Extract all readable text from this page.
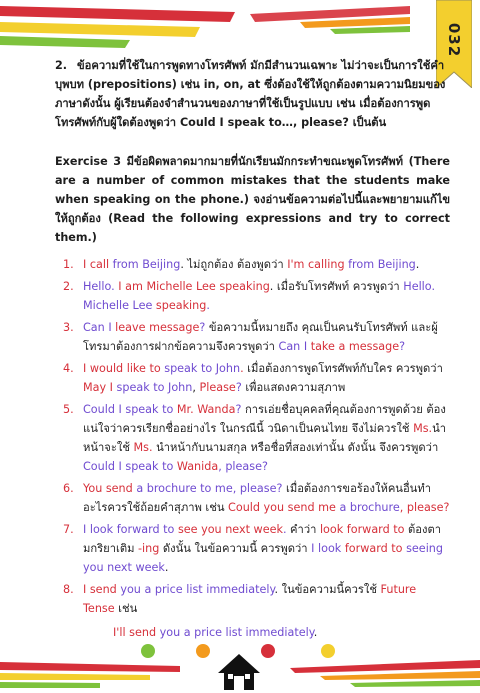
032
2. ข้อความที่ใช้ในการพูดทางโทรศัพท์ มักมีสำนวนเฉพาะ ไม่ว่าจะเป็นการใช้คำบุพบท (prepositions) เช่น in, on, at ซึ่งต้องใช้ให้ถูกต้องตามความนิยมของภาษาดังนั้น ผู้เรียนต้องจำสำนวนของภาษาที่ใช้เป็นรูปแบบ เช่น เมื่อต้องการพูดโทรศัพท์กับผู้ใดต้องพูดว่า Could I speak to…, please? เป็นต้น
Exercise 3 มีข้อผิดพลาดมากมายที่นักเรียนมักกระทำขณะพูดโทรศัพท์ (There are a number of common mistakes that the students make when speaking on the phone.) จงอ่านข้อความต่อไปนี้และพยายามแก้ไขให้ถูกต้อง (Read the following expressions and try to correct them.)
1. I call from Beijing. ไม่ถูกต้อง ต้องพูดว่า I'm calling from Beijing.
2. Hello. I am Michelle Lee speaking. เมื่อรับโทรศัพท์ ควรพูดว่า Hello. Michelle Lee speaking.
3. Can I leave message? ข้อความนี้หมายถึง คุณเป็นคนรับโทรศัพท์ และผู้โทรมาต้องการฝากข้อความจึงควรพูดว่า Can I take a message?
4. I would like to speak to John. เมื่อต้องการพูดโทรศัพท์กับใคร ควรพูดว่า May I speak to John, Please? เพื่อแสดงความสุภาพ
5. Could I speak to Mr. Wanda? การเอ่ยชื่อบุคคลที่คุณต้องการพูดด้วย ต้องแน่ใจว่าควรเรียกชื่ออย่างไร ในกรณีนี้ วนิดาเป็นคนไทย จึงไม่ควรใช้ Ms.นำหน้าจะใช้ Ms. นำหน้ากับนามสกุล หรือชื่อที่สองเท่านั้น ดังนั้น จึงควรพูดว่า Could I speak to Wanida, please?
6. You send a brochure to me, please? เมื่อต้องการขอร้องให้คนอื่นทำอะไรควรใช้ถ้อยคำสุภาพ เช่น Could you send me a brochure, please?
7. I look forward to see you next week. คำว่า look forward to ต้องตามกริยาเติม -ing ดังนั้น ในข้อความนี้ ควรพูดว่า I look forward to seeing you next week.
8. I send you a price list immediately. ในข้อความนี้ควรใช้ Future Tense เช่น
I'll send you a price list immediately.
